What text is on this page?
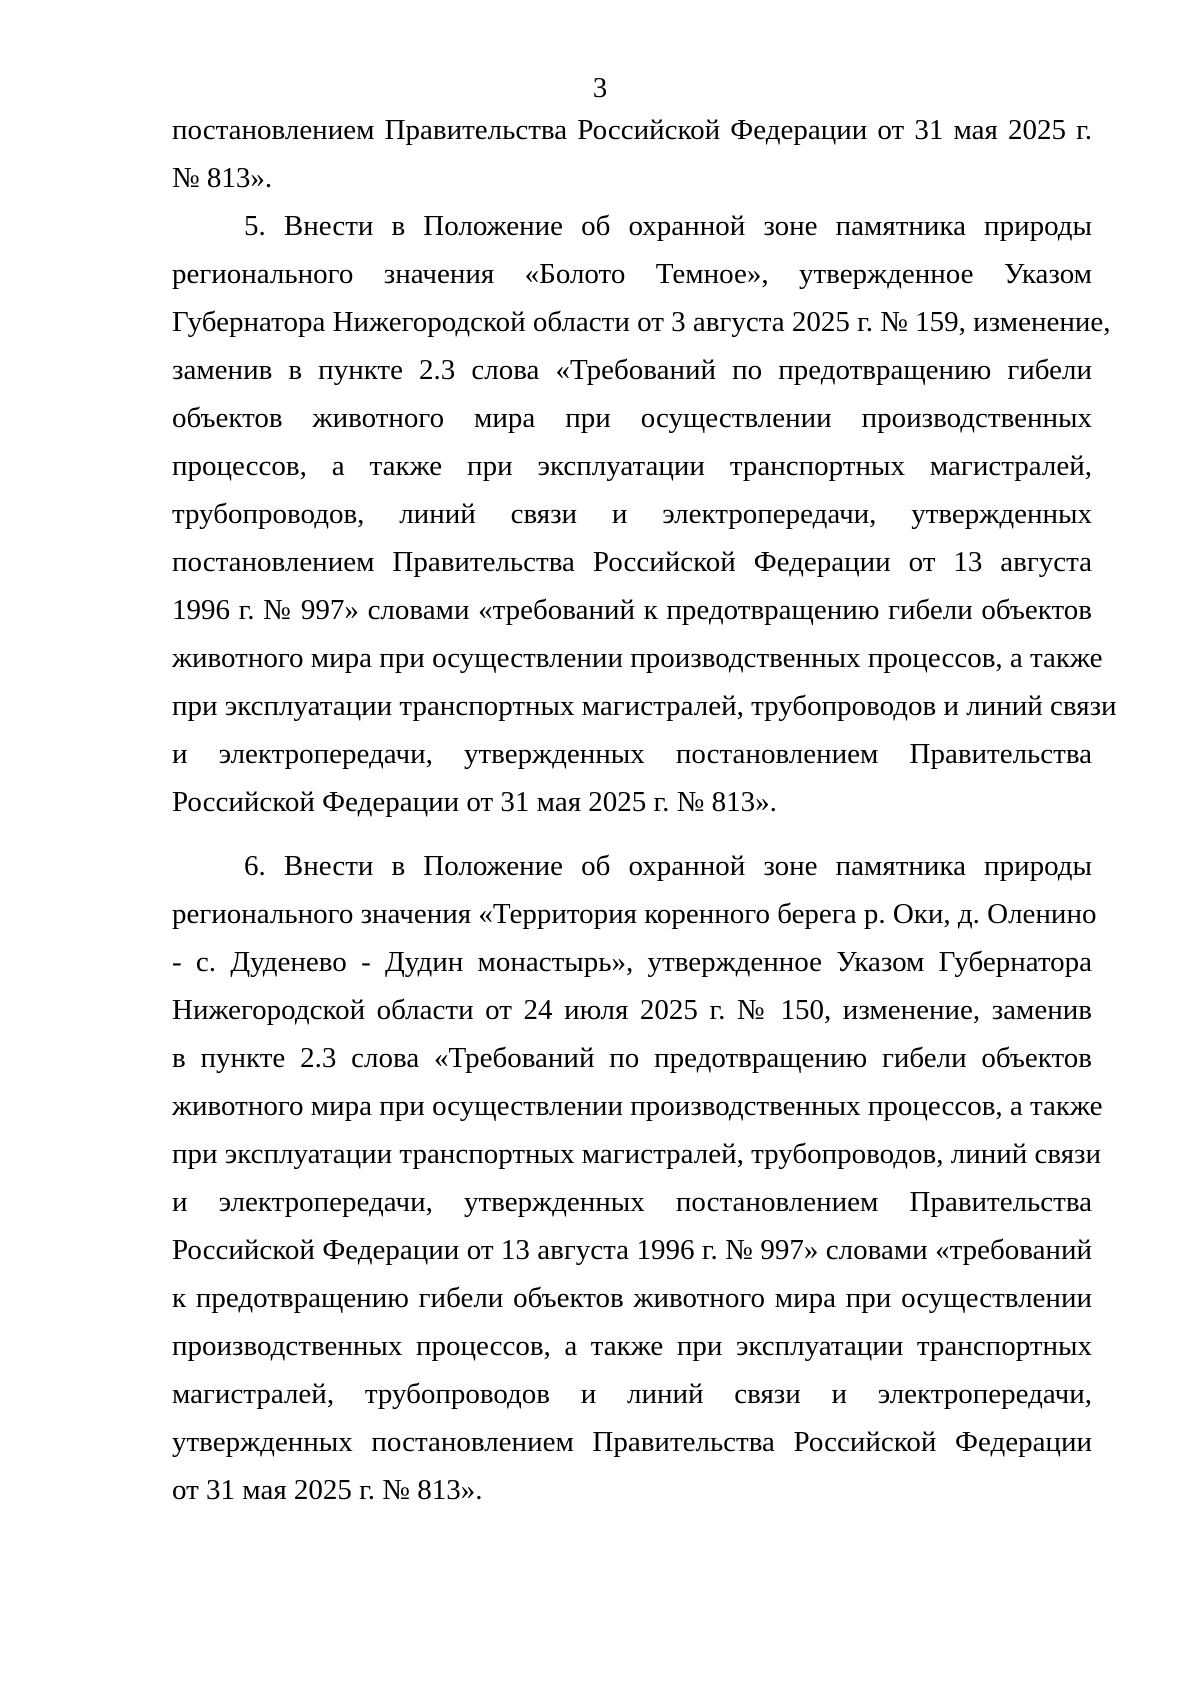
3
постановлением Правительства Российской Федерации от 31 мая 2025 г.
№ 813».
5. Внести в Положение об охранной зоне памятника природы
регионального значения «Болото Темное», утвержденное Указом
Губернатора Нижегородской области от 3 августа 2025 г. № 159, изменение,
заменив в пункте 2.3 слова «Требований по предотвращению гибели
объектов животного мира при осуществлении производственных
процессов, а также при эксплуатации транспортных магистралей,
трубопроводов, линий связи и электропередачи, утвержденных
постановлением Правительства Российской Федерации от 13 августа
1996 г. № 997» словами «требований к предотвращению гибели объектов
животного мира при осуществлении производственных процессов, а также
при эксплуатации транспортных магистралей, трубопроводов и линий связи
и электропередачи, утвержденных постановлением Правительства
Российской Федерации от 31 мая 2025 г. № 813».
6. Внести в Положение об охранной зоне памятника природы
регионального значения «Территория коренного берега р. Оки, д. Оленино
- с. Дуденево - Дудин монастырь», утвержденное Указом Губернатора
Нижегородской области от 24 июля 2025 г. № 150, изменение, заменив
в пункте 2.3 слова «Требований по предотвращению гибели объектов
животного мира при осуществлении производственных процессов, а также
при эксплуатации транспортных магистралей, трубопроводов, линий связи
и электропередачи, утвержденных постановлением Правительства
Российской Федерации от 13 августа 1996 г. № 997» словами «требований
к предотвращению гибели объектов животного мира при осуществлении
производственных процессов, а также при эксплуатации транспортных
магистралей, трубопроводов и линий связи и электропередачи,
утвержденных постановлением Правительства Российской Федерации
от 31 мая 2025 г. № 813».
